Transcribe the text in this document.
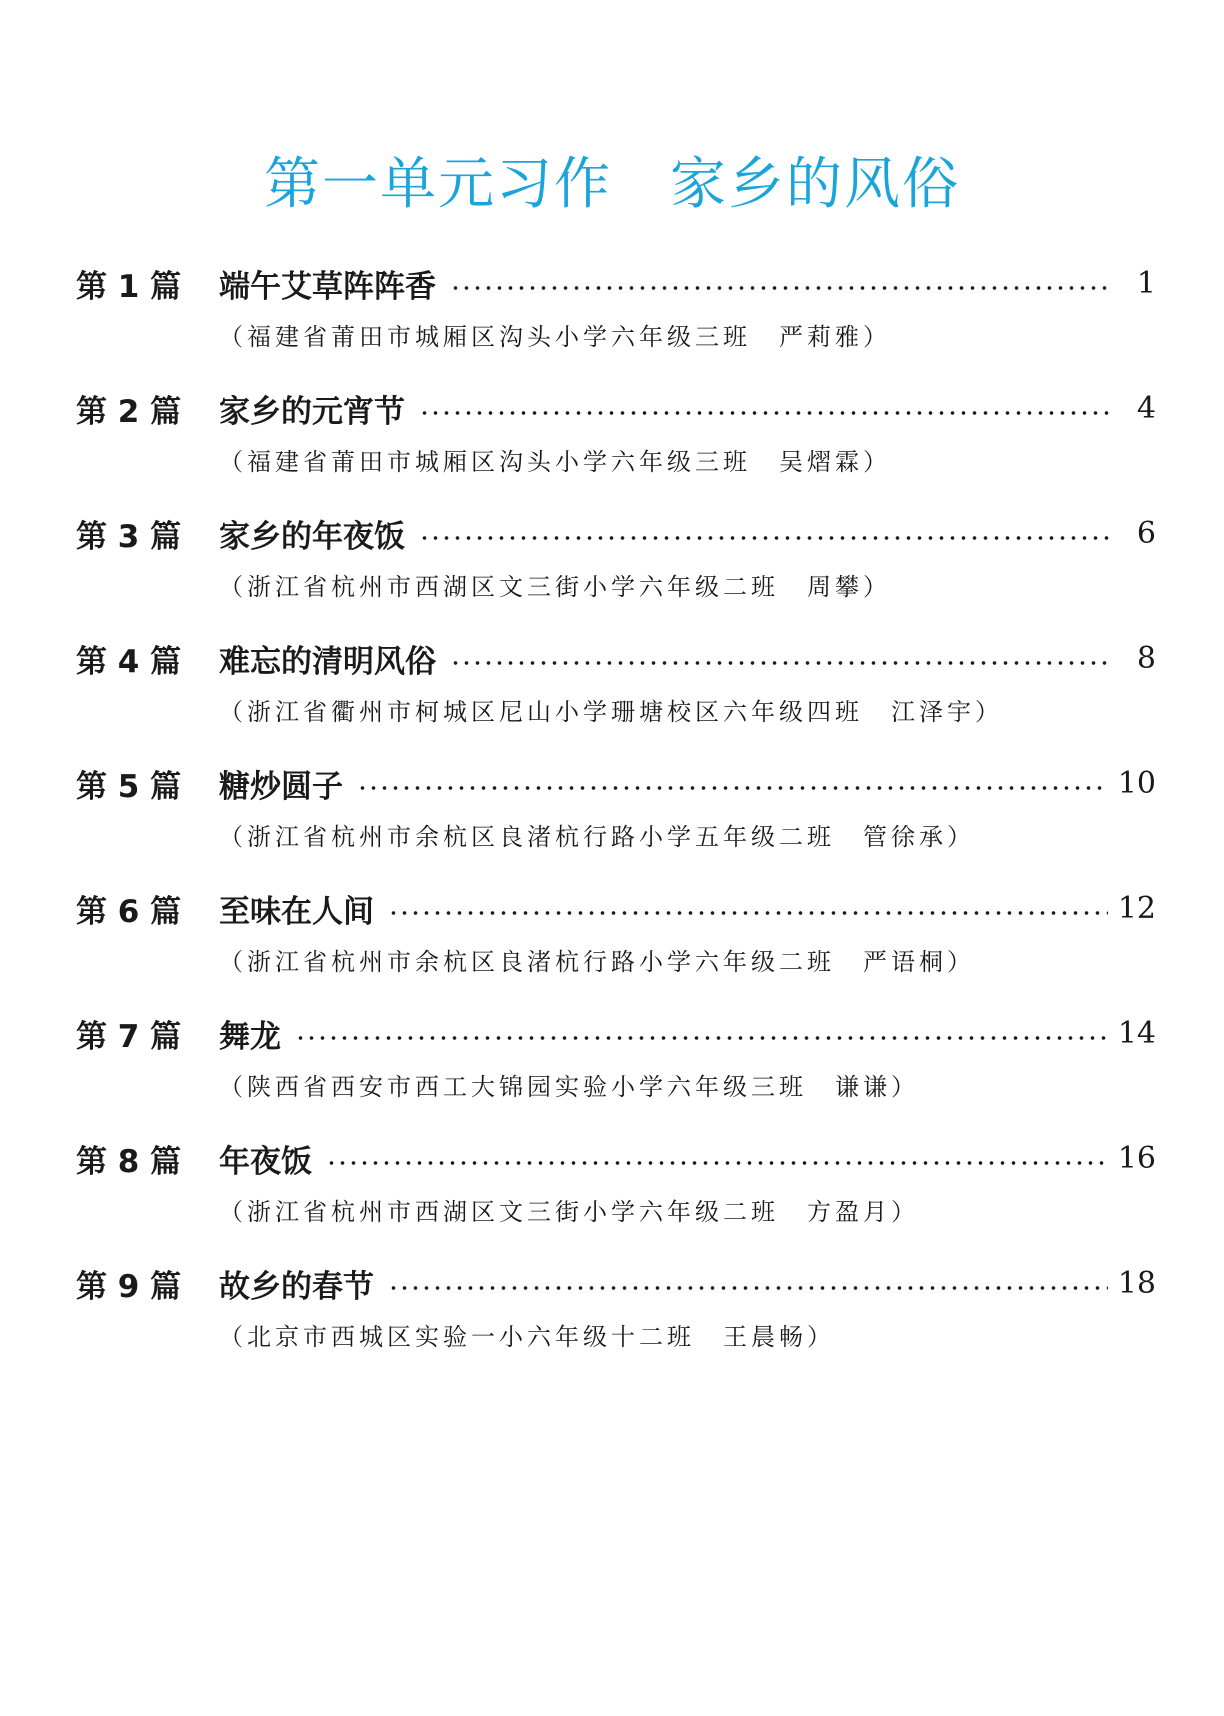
第一单元习作　家乡的风俗
第 1 篇	端午艾草阵阵香	1
（福建省莆田市城厢区沟头小学六年级三班　严莉雅）
第 2 篇	家乡的元宵节	4
（福建省莆田市城厢区沟头小学六年级三班　吴熠霖）
第 3 篇	家乡的年夜饭	6
（浙江省杭州市西湖区文三街小学六年级二班　周攀）
第 4 篇	难忘的清明风俗	8
（浙江省衢州市柯城区尼山小学珊塘校区六年级四班　江泽宇）
第 5 篇	糖炒圆子	10
（浙江省杭州市余杭区良渚杭行路小学五年级二班　管徐承）
第 6 篇	至味在人间	12
（浙江省杭州市余杭区良渚杭行路小学六年级二班　严语桐）
第 7 篇	舞龙	14
（陕西省西安市西工大锦园实验小学六年级三班　谦谦）
第 8 篇	年夜饭	16
（浙江省杭州市西湖区文三街小学六年级二班　方盈月）
第 9 篇	故乡的春节	18
（北京市西城区实验一小六年级十二班　王晨畅）
